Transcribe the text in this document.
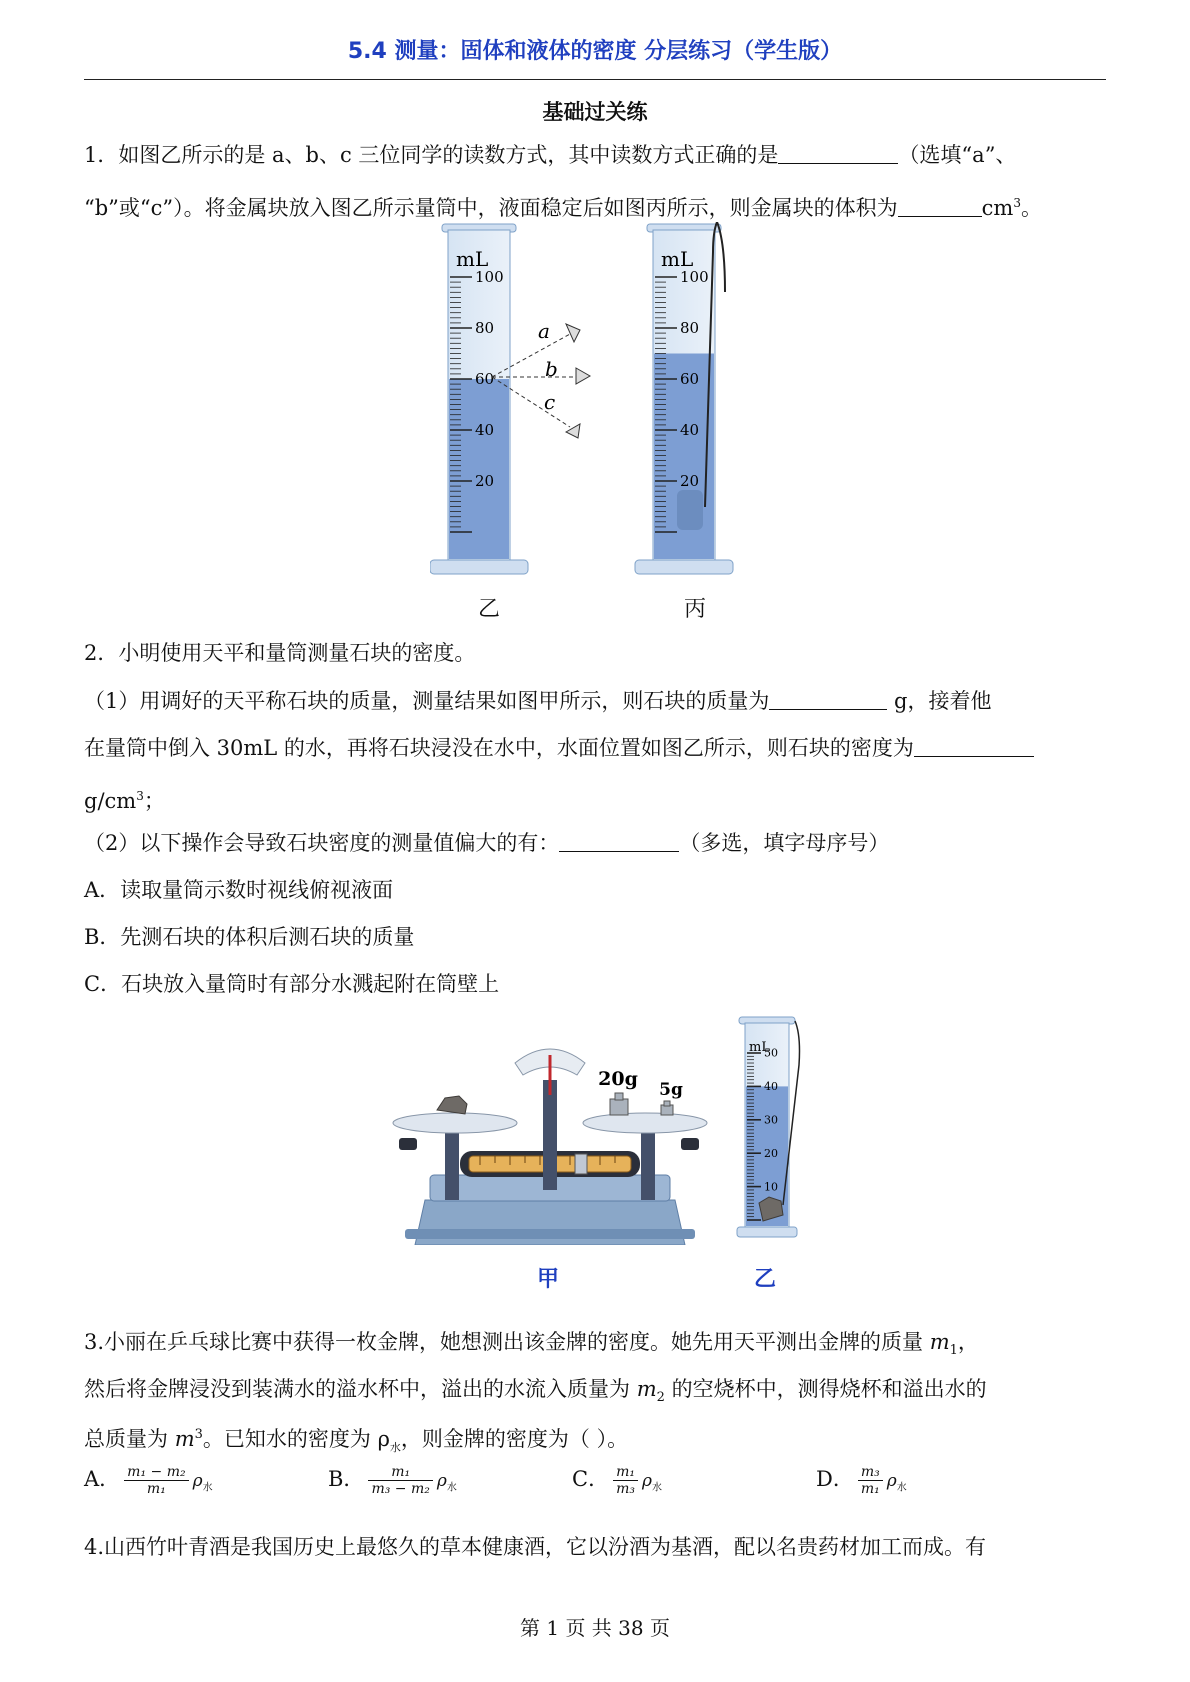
5.4 测量：固体和液体的密度 分层练习（学生版）
基础过关练
1．如图乙所示的是 a、b、c 三位同学的读数方式，其中读数方式正确的是	（选填“a”、
“b”或“c”）。将金属块放入图乙所示量筒中，液面稳定后如图丙所示，则金属块的体积为	$cm^3$。
100
80
60
40
20
mL
a
b
c
100
80
60
40
20
mL
乙	丙
2．小明使用天平和量筒测量石块的密度。
（1）用调好的天平称石块的质量，测量结果如图甲所示，则石块的质量为	g，接着他
在量筒中倒入 30mL 的水，再将石块浸没在水中，水面位置如图乙所示，则石块的密度为
$g/cm^3$；
（2）以下操作会导致石块密度的测量值偏大的有：	（多选，填字母序号）
A．读取量筒示数时视线俯视液面
B．先测石块的体积后测石块的质量
C．石块放入量筒时有部分水溅起附在筒壁上
20g 5g
50
40
30
20
10
mL
甲	乙
3.小丽在乒乓球比赛中获得一枚金牌，她想测出该金牌的密度。她先用天平测出金牌的质量 $m_1$，
然后将金牌浸没到装满水的溢水杯中，溢出的水流入质量为 $m_2$ 的空烧杯中，测得烧杯和溢出水的
总质量为 $m^3$。已知水的密度为 $\rho_水$，则金牌的密度为（ ）。
A． $\frac{\text{m₁ − m₂}}{\text{m₁}} \rho_水$	B． $\frac{\text{m₁}}{\text{m₃ − m₂}} \rho_水$	C． $\frac{\text{m₁}}{\text{m₃}} \rho_水$	D． $\frac{\text{m₃}}{\text{m₁}} \rho_水$
4.山西竹叶青酒是我国历史上最悠久的草本健康酒，它以汾酒为基酒，配以名贵药材加工而成。有
第 1 页 共 38 页
